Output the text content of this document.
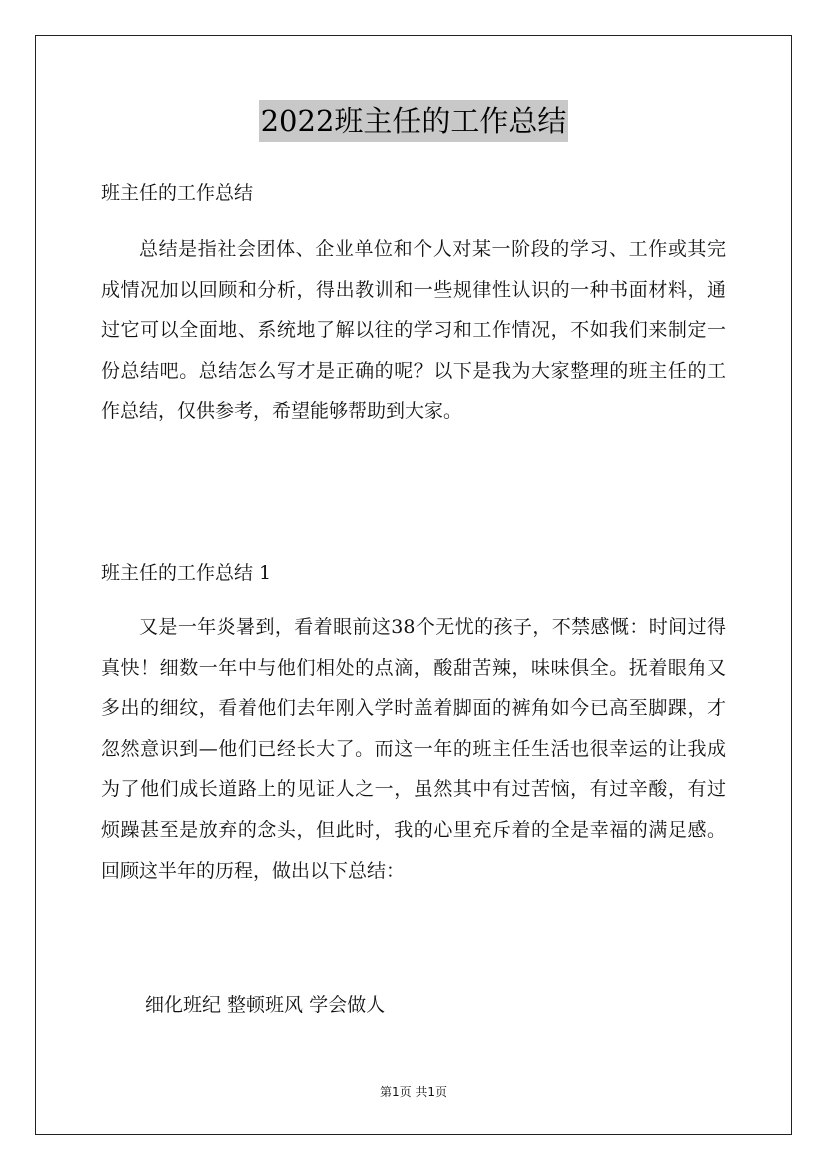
2022班主任的工作总结
班主任的工作总结

总结是指社会团体、企业单位和个人对某一阶段的学习、工作或其完成情况加以回顾和分析，得出教训和一些规律性认识的一种书面材料，通过它可以全面地、系统地了解以往的学习和工作情况，不如我们来制定一份总结吧。总结怎么写才是正确的呢？以下是我为大家整理的班主任的工作总结，仅供参考，希望能够帮助到大家。

班主任的工作总结 1

又是一年炎暑到，看着眼前这38个无忧的孩子，不禁感慨：时间过得真快！细数一年中与他们相处的点滴，酸甜苦辣，味味俱全。抚着眼角又多出的细纹，看着他们去年刚入学时盖着脚面的裤角如今已高至脚踝，才忽然意识到—他们已经长大了。而这一年的班主任生活也很幸运的让我成为了他们成长道路上的见证人之一，虽然其中有过苦恼，有过辛酸，有过烦躁甚至是放弃的念头，但此时，我的心里充斥着的全是幸福的满足感。回顾这半年的历程，做出以下总结：

细化班纪 整顿班风 学会做人
第1页 共1页
